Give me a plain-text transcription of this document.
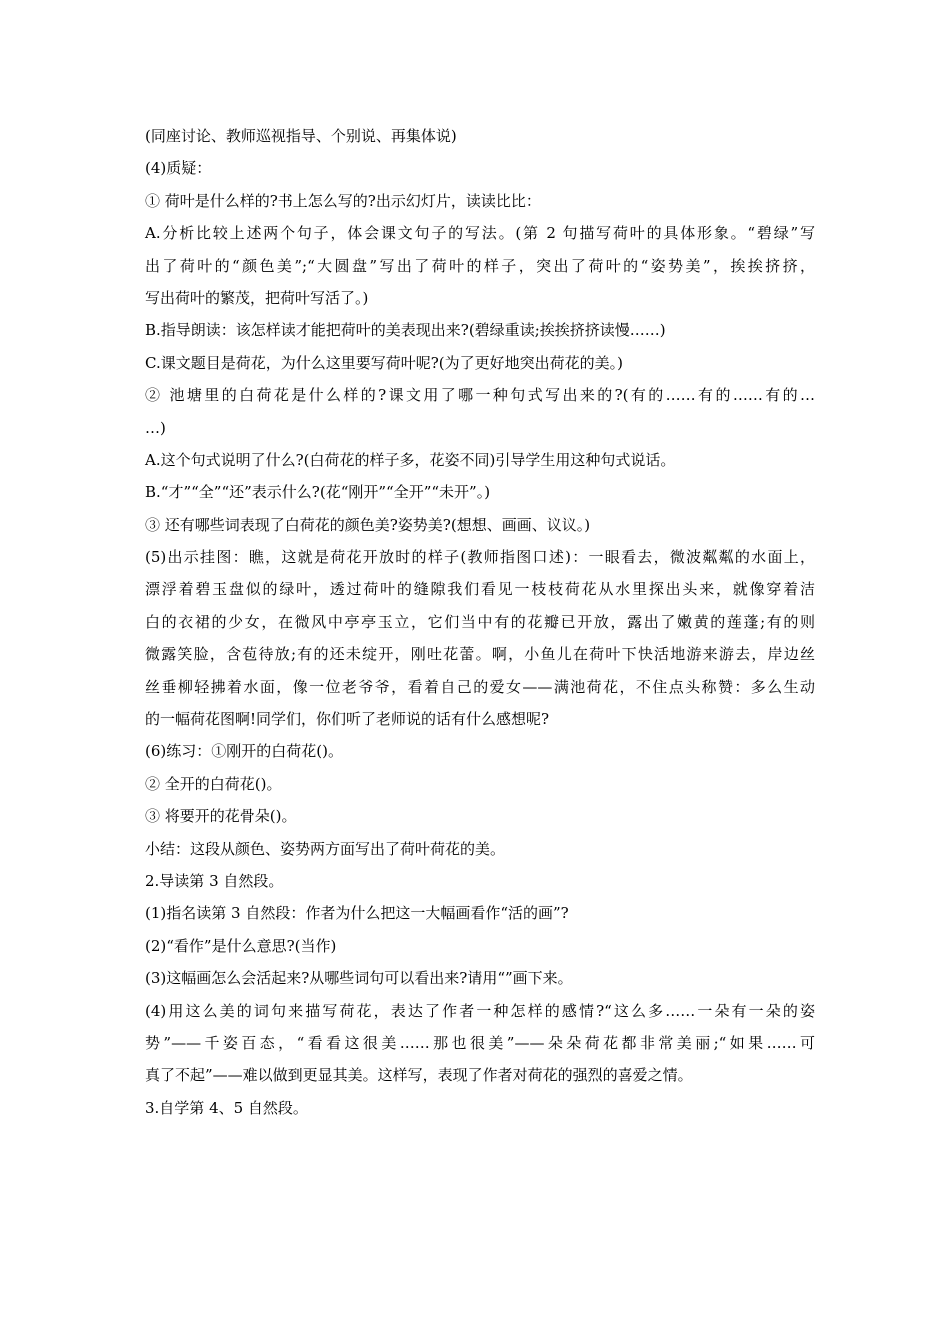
(同座讨论、教师巡视指导、个别说、再集体说)
(4)质疑：
① 荷叶是什么样的?书上怎么写的?出示幻灯片，读读比比：
A.分析比较上述两个句子，体会课文句子的写法。(第 2 句描写荷叶的具体形象。“碧绿”写
出了荷叶的“颜色美”;“大圆盘”写出了荷叶的样子，突出了荷叶的“姿势美”，挨挨挤挤，
写出荷叶的繁茂，把荷叶写活了。)
B.指导朗读：该怎样读才能把荷叶的美表现出来?(碧绿重读;挨挨挤挤读慢……)
C.课文题目是荷花，为什么这里要写荷叶呢?(为了更好地突出荷花的美。)
② 池塘里的白荷花是什么样的?课文用了哪一种句式写出来的?(有的……有的……有的…
…)
A.这个句式说明了什么?(白荷花的样子多，花姿不同)引导学生用这种句式说话。
B.“才”“全”“还”表示什么?(花“刚开”“全开”“未开”。)
③ 还有哪些词表现了白荷花的颜色美?姿势美?(想想、画画、议议。)
(5)出示挂图：瞧，这就是荷花开放时的样子(教师指图口述)：一眼看去，微波粼粼的水面上，
漂浮着碧玉盘似的绿叶，透过荷叶的缝隙我们看见一枝枝荷花从水里探出头来，就像穿着洁
白的衣裙的少女，在微风中亭亭玉立，它们当中有的花瓣已开放，露出了嫩黄的莲蓬;有的则
微露笑脸，含苞待放;有的还未绽开，刚吐花蕾。啊，小鱼儿在荷叶下快活地游来游去，岸边丝
丝垂柳轻拂着水面，像一位老爷爷，看着自己的爱女——满池荷花，不住点头称赞：多么生动
的一幅荷花图啊!同学们，你们听了老师说的话有什么感想呢?
(6)练习：①刚开的白荷花()。
② 全开的白荷花()。
③ 将要开的花骨朵()。
小结：这段从颜色、姿势两方面写出了荷叶荷花的美。
2.导读第 3 自然段。
(1)指名读第 3 自然段：作者为什么把这一大幅画看作“活的画”?
(2)“看作”是什么意思?(当作)
(3)这幅画怎么会活起来?从哪些词句可以看出来?请用“”画下来。
(4)用这么美的词句来描写荷花，表达了作者一种怎样的感情?“这么多……一朵有一朵的姿
势”——千姿百态，“看看这很美……那也很美”——朵朵荷花都非常美丽;“如果……可
真了不起”——难以做到更显其美。这样写，表现了作者对荷花的强烈的喜爱之情。
3.自学第 4、5 自然段。
